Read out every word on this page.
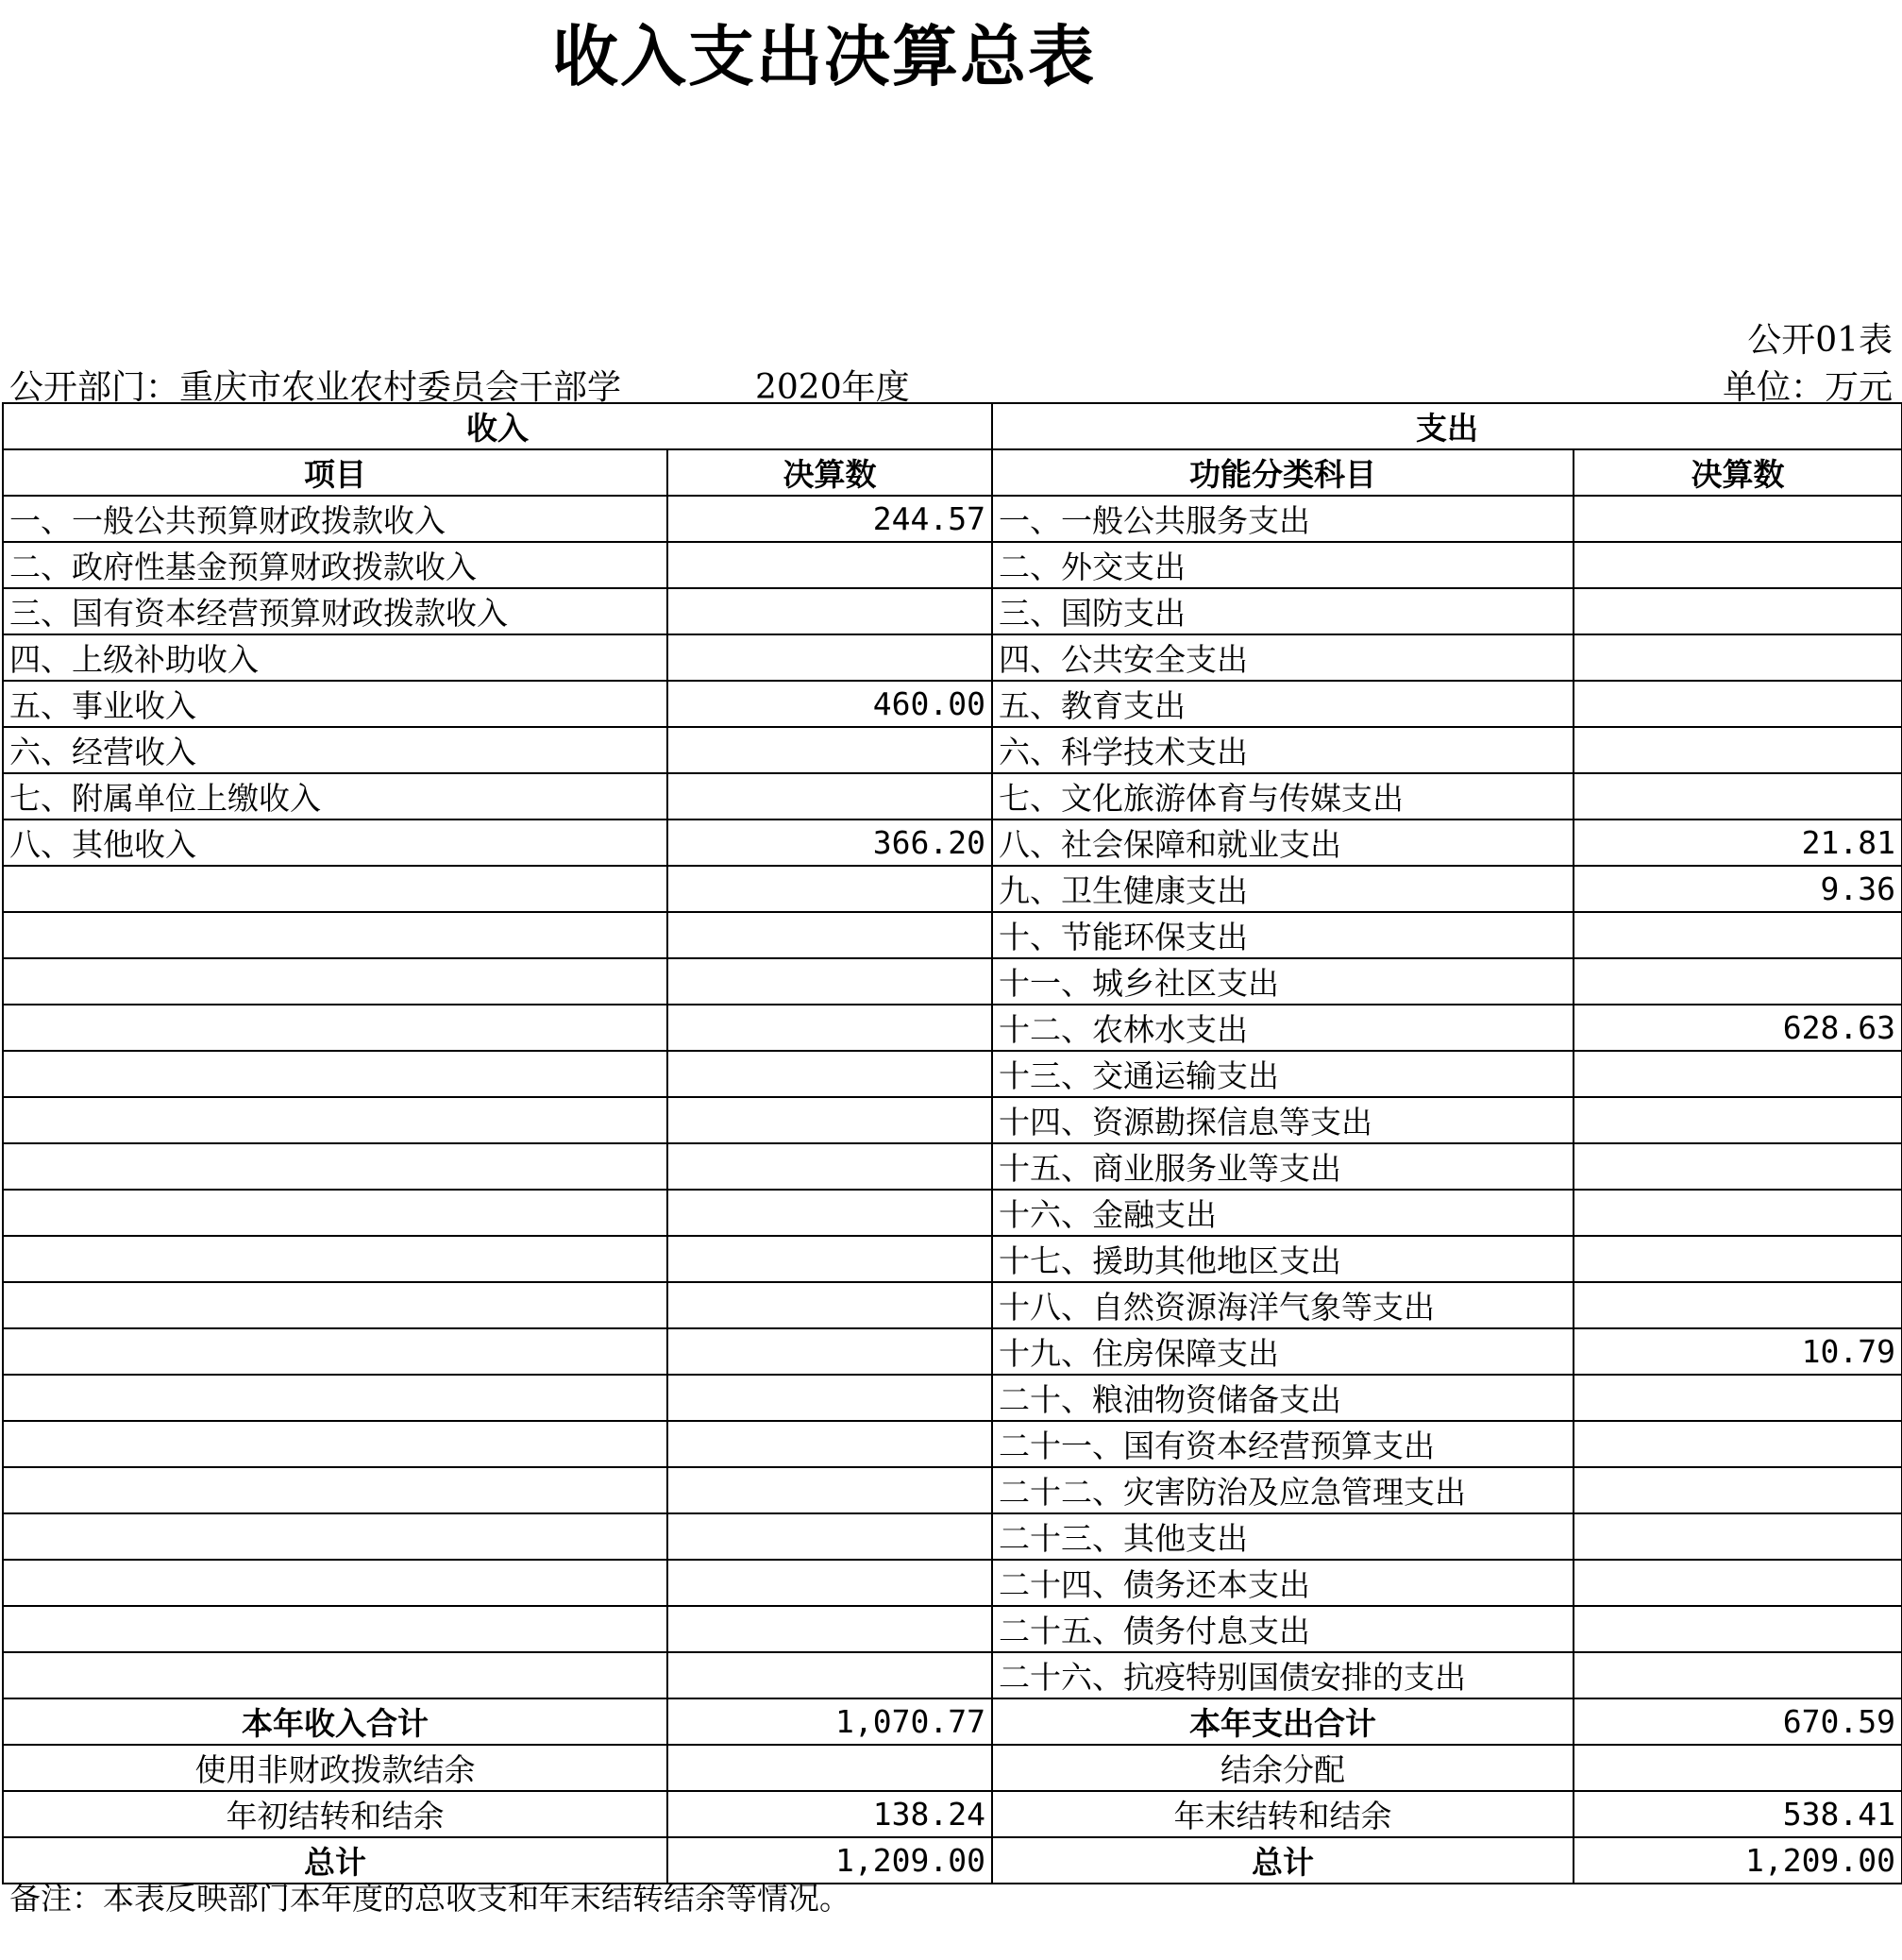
收入支出决算总表
公开01表
公开部门：重庆市农业农村委员会干部学	2020年度	单位：万元
收入		支出	
项目	决算数	功能分类科目	决算数
一、一般公共预算财政拨款收入	244.57	一、一般公共服务支出	
二、政府性基金预算财政拨款收入		二、外交支出	
三、国有资本经营预算财政拨款收入		三、国防支出	
四、上级补助收入		四、公共安全支出	
五、事业收入	460.00	五、教育支出	
六、经营收入		六、科学技术支出	
七、附属单位上缴收入		七、文化旅游体育与传媒支出	
八、其他收入	366.20	八、社会保障和就业支出	21.81
		九、卫生健康支出	9.36
		十、节能环保支出	
		十一、城乡社区支出	
		十二、农林水支出	628.63
		十三、交通运输支出	
		十四、资源勘探信息等支出	
		十五、商业服务业等支出	
		十六、金融支出	
		十七、援助其他地区支出	
		十八、自然资源海洋气象等支出	
		十九、住房保障支出	10.79
		二十、粮油物资储备支出	
		二十一、国有资本经营预算支出	
		二十二、灾害防治及应急管理支出	
		二十三、其他支出	
		二十四、债务还本支出	
		二十五、债务付息支出	
		二十六、抗疫特别国债安排的支出	
本年收入合计	1,070.77	本年支出合计	670.59
使用非财政拨款结余		结余分配	
年初结转和结余	138.24	年末结转和结余	538.41
总计	1,209.00	总计	1,209.00
备注：本表反映部门本年度的总收支和年末结转结余等情况。
